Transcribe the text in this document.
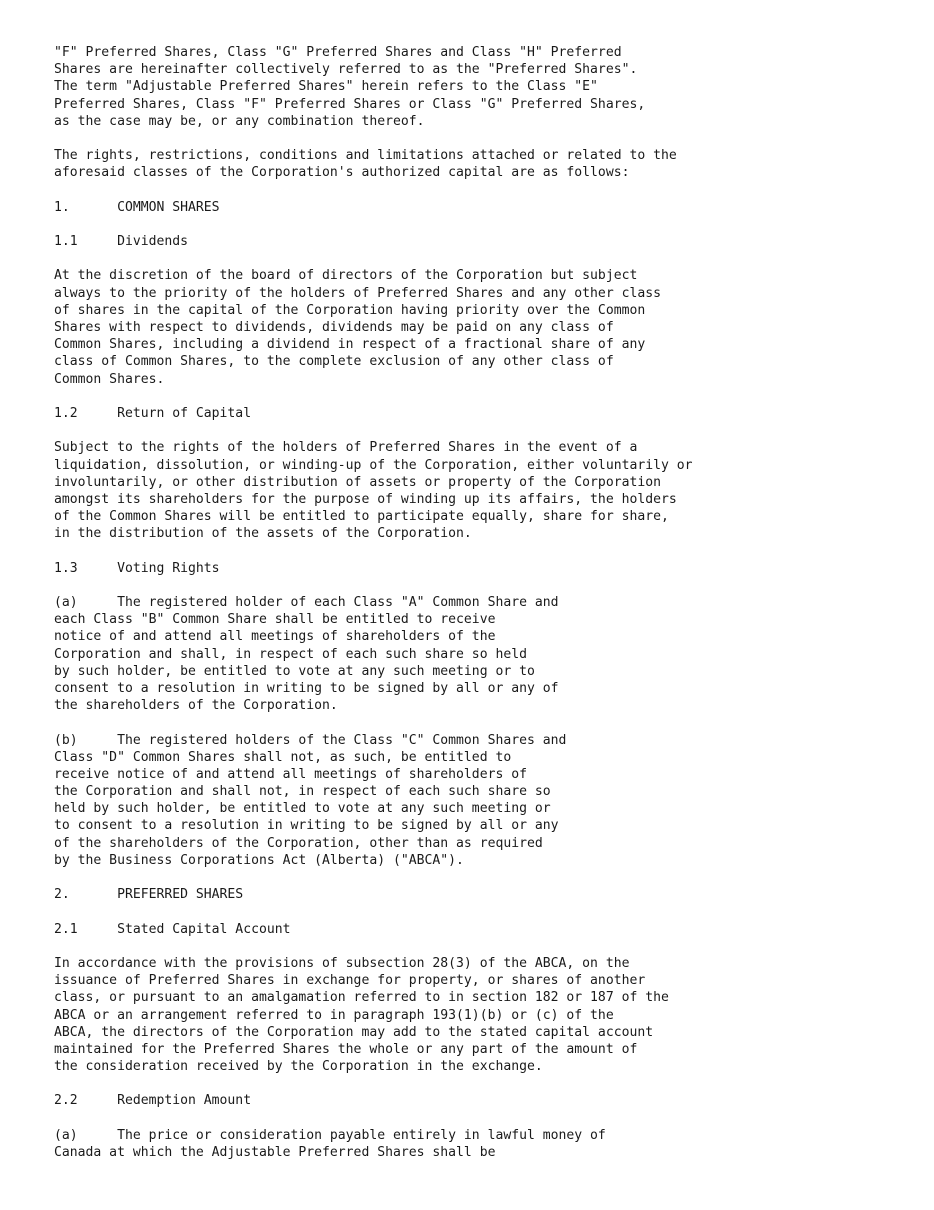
"F" Preferred Shares, Class "G" Preferred Shares and Class "H" Preferred
Shares are hereinafter collectively referred to as the "Preferred Shares".
The term "Adjustable Preferred Shares" herein refers to the Class "E"
Preferred Shares, Class "F" Preferred Shares or Class "G" Preferred Shares,
as the case may be, or any combination thereof.
The rights, restrictions, conditions and limitations attached or related to the
aforesaid classes of the Corporation's authorized capital are as follows:
1.      COMMON SHARES
1.1     Dividends
At the discretion of the board of directors of the Corporation but subject
always to the priority of the holders of Preferred Shares and any other class
of shares in the capital of the Corporation having priority over the Common
Shares with respect to dividends, dividends may be paid on any class of
Common Shares, including a dividend in respect of a fractional share of any
class of Common Shares, to the complete exclusion of any other class of
Common Shares.
1.2     Return of Capital
Subject to the rights of the holders of Preferred Shares in the event of a
liquidation, dissolution, or winding-up of the Corporation, either voluntarily or
involuntarily, or other distribution of assets or property of the Corporation
amongst its shareholders for the purpose of winding up its affairs, the holders
of the Common Shares will be entitled to participate equally, share for share,
in the distribution of the assets of the Corporation.
1.3     Voting Rights
(a)     The registered holder of each Class "A" Common Share and
each Class "B" Common Share shall be entitled to receive
notice of and attend all meetings of shareholders of the
Corporation and shall, in respect of each such share so held
by such holder, be entitled to vote at any such meeting or to
consent to a resolution in writing to be signed by all or any of
the shareholders of the Corporation.
(b)     The registered holders of the Class "C" Common Shares and
Class "D" Common Shares shall not, as such, be entitled to
receive notice of and attend all meetings of shareholders of
the Corporation and shall not, in respect of each such share so
held by such holder, be entitled to vote at any such meeting or
to consent to a resolution in writing to be signed by all or any
of the shareholders of the Corporation, other than as required
by the Business Corporations Act (Alberta) ("ABCA").
2.      PREFERRED SHARES
2.1     Stated Capital Account
In accordance with the provisions of subsection 28(3) of the ABCA, on the
issuance of Preferred Shares in exchange for property, or shares of another
class, or pursuant to an amalgamation referred to in section 182 or 187 of the
ABCA or an arrangement referred to in paragraph 193(1)(b) or (c) of the
ABCA, the directors of the Corporation may add to the stated capital account
maintained for the Preferred Shares the whole or any part of the amount of
the consideration received by the Corporation in the exchange.
2.2     Redemption Amount
(a)     The price or consideration payable entirely in lawful money of
Canada at which the Adjustable Preferred Shares shall be
